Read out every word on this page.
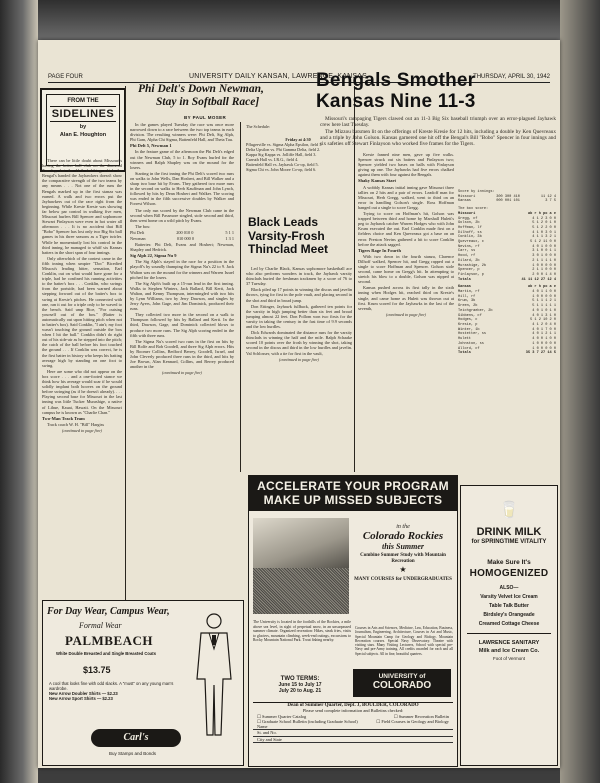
PAGE FOUR	UNIVERSITY DAILY KANSAN, LAWRENCE, KANSAS	THURSDAY, APRIL 30, 1942
FROM THE
SIDELINES
by
Alan E. Houghton

There can be little doubt about Missouri's having the better ball club on the diamond Tuesday, but the 11-3 drubbing which the Bengal's handed the Jayhawkers doesn't show the comparative strength of the two teams by any means . . . Not one of the runs the Bengals marked up in the first stanza was earned. A walk and two errors put the Jayhawkers out of the race right from the beginning. While Kreste Kresie was showing far below par control in walking five men, Missouri hurlers Bill Spencer and sophomore Stewart Finlayson were even in hot water all afternoon . . . It is no accident that Bill "Bobo" Spencer has lost only two Big Six ball games in his three seasons as a Tiger twirler. While he momentarily lost his control in the third inning, he managed to whiff six Kansas batters in the short span of four innings.

Only afterwhich of the contest came in the fifth inning when umpire "Doc" Bicedied Missou's leading hitter, sensation, Earl Conklin, out on what would have gone for a triple, had he confined his running activities to the batter's box . . . Conklin, who swings from the portside, had been warned about stepping forward out of the batter's box to swing at Kresie's pitches. He connected with one, ran it out for a triple only to be waved to the bench. Said ump Bice, "For outsing yourself out of the box." (Batter is automatically out upon hitting pitch when not in batter's box). Said Conklin, "I ain't; my foot wasn't touching the ground outside the box when I hit the ball." Conklin didn't do right out of his side-air as he stepped into the pitch; the catch of the ball before his foot touched the ground . . . If Conklin was correct, he is the first batter in history who keeps his batting average high by standing on one foot to swing.

Here are some who did not appear on the box score . . . and a one-footed stance we think how his average would soar if he would solidly implant both hooves on the ground before swinging (as if he doesn't already). . . . Playing second base for Missouri in the last inning was little Tucker Murashige, a native of Lihue, Kauai, Hawaii. On the Missouri campus he is known as "Charlie Chan."

Two-Man Track Team

Track coach W. H. "Bill" Hargiss

(continued to page five)

Phi Delt's Down Newman,
Stay in Softball Race]
BY PAUL MOSER

In the games played Tuesday the race was once more narrowed down to a race between the two top teams in each division. The resulting winners were: Phi Delt, Sig Alph, Phi Gam, Alpha Chi Sigma, Battenfeld Hall, and Theta Tau.

Phi Delt 5, Newman 1

In the feature game of the afternoon the Phi Delt's edged out the Newman Club, 5 to 1. Roy Evans hurled for the winners and Ralph Shapley was on the mound for the losers.

Starting in the first inning the Phi Delt's scored two runs on walks to John Wells, Dan Hosbert, and Bill Walker and a sharp two base hit by Evans. They gathered two more runs in the second on walks to Herb Kauffman and John Lynch, followed by hits by Dean Hosbert and Walker. The scoring was ended in the fifth successive doubles by Walker and Forrest Wilson.

The only run scored by the Newman Club came in the second when Bill Passmore singled, stole second and third, then went home on a wild pitch by Evans.

The box:

Phi Delt	200 010 0	5 1 1

Newman	010 000 0	1 3 1

Batteries: Phi Delt, Evans and Hosbert; Newman, Shapley and Hedrick.

Sig Alph 22, Sigma Nu 9

The Sig Alph's stayed in the race for a position in the playoff's by soundly thumping the Sigma Nu's 22 to 9. Jack Walton was on the mound for the winners and Warren Israel pitched for the losers.

The Sig Alph's built up a 15-run lead in the first inning. Walks to Stephen Winters, Jack Ballard, Bill Kerti, Jack Walton, and Kenny Thompson, intermingled with two hits by Lynn Williams, two by Jerry Dawson, and singles by Jerry Ayers, John Gage, and Jim Dominick, produced their runs.

They collected two more in the second on a walk to Thompson followed by hits by Ballard and Kerti. In the third, Dawson, Gage, and Dominick collected blows to produce two more runs. The Sig Alph scoring ended in the fifth with three runs.

The Sigma Nu's scored two runs in the first on hits by Bill Rolfe and Bob Goodell, and three Sig Alph errors. Hits by Boomer Collins, Bedford Berrey, Goodell, Israel, and John Cleverly produced three runs in the third, and hits by Joe Brown, Alan Kennard, Collins, and Berrey produced another in the

(continued to page five)

The Schedule:
Friday at 4:30
Pflugerville vs. Sigma Alpha Epsilon, field 1.
Delta Upsilon vs. Phi Gamma Delta, field 2.
Kappa Sig Kappa vs. Jolliffe Hall, field 3.
Carruth Hall vs. I.R.G., field 4.
Battenfeld Hall vs. Jayhawk Co-op, field 5.
Sigma Chi vs. John Moore Co-op, field 6.
Black Leads
Varsity-Frosh
Thinclad Meet

Led by Charlie Black, Kansas sophomore basketball ace who also performs wonders in track, the Jayhawk varsity thinclads buried the freshman trackmen by a score of 76 to 37 Tuesday.

Black piled up 17 points in winning the discus and javelin throws, tying for first in the pole vault, and placing second in the shot and third in broad jump.

Don Ettinger, Jayhawk fullback, gathered ten points for the varsity in high jumping better than six feet and broad jumping almost 22 feet. Don Pollom won two firsts for the varsity in taking the century in the fast time of 9.9 seconds and the low hurdles.

Dick Edwards dominated the distance runs for the varsity thinclads in winning the half and the mile. Ralph Schaake scored 10 points over the frosh by winning the shot, taking second in the discus and third in the low hurdles and javelin. Val Schlosser, with a tie for first in the vault,

(continued to page five)

Bengals Smother
Kansas Nine 11-3

Missouri's rampaging Tigers clawed out an 11-3 Big Six baseball triumph over an error-plagued Jayhawk crew here last Tuesday.

The Mizzou batsmen lit on the offerings of Kreste Kresie for 12 hits, including a double by Ken Quevreaux and a triple by John Golson. Kansas garnered one hit off the Bengal's Bill "Bobo" Spencer in four innings and six safeties off Stewart Finlayson who worked five frames for the Tigers.

Kresie fanned nine men, gave up five walks. Spencer struck out six batters and Finlayson two; Spencer yielded two bases on balls with Finlayson giving up one. The Jayhawks had five errors chalked against them with four against the Bengals.

Shaky Kansas Start

A wobbly Kansas initial inning gave Missouri three tallies on 2 hits and a pair of errors. Leadoff man for Missouri, Herb Gregg, walked, went to third on an error in handling Golson's single. Ross Hoffman banged out a single to score Gregg.

Trying to score on Hoffman's hit, Golson was trapped between third and home by Marshall Hulett's peg to Jayhawk catcher Warren Hodges who with John Krum executed the out. Earl Conklin made first on a fielders choice and Ken Quevreaux got a base on an error. Preston Nevins gathered a hit to score Conklin before the attack sagged.

Tigers Rage In Fourth

With two down in the fourth stanza, Clarence Dilhoff walked, Spencer hit, and Gregg rapped out a single to score Hoffman and Spencer. Golson stole second, came home on Gregg's hit. In attempting to stretch his blow to a double, Golson was nipped at second.

Kansas pushed across its first tally in the sixth inning when Hodges hit, reached third on Kresie's single, and came home as Hulett was thrown out at first. Krum scored for the Jayhawks in the last of the seventh,

(continued to page five)

Score by innings:
Missouri	300 300 410	11 12 4
Kansas	000 001 101	3 7 5
The box score:
Missouri	ab r h po a e
Gregg, cf	4 1 2 3 0 0
Golson, 2b	5 1 2 0 1 0
Hoffman, lf	5 1 2 2 0 0
Dilhoff, ss	4 1 0 3 0 1
Conklin, 3b	4 1 1 3 2 1
Quevreaux, c	5 1 2 11 0 0
Nevins, rf	4 0 1 0 0 0
Carr, ss	3 1 0 0 1 1
Hood, rf	3 0 1 0 0 0
Dilard, 2b	2 1 1 1 1 0
Murashige, 2b	1 0 0 0 0 0
Spencer, p	2 1 1 0 0 0
Finlayson, p	2 0 0 1 4 0
Totals	41 11 12 27 12 4
Kansas	ab r h po a e
Martin, rf	4 0 1 1 0 0
Hill, rf	1 0 0 0 0 0
Krum, 3b	5 1 1 1 2 1
Green, 2b	5 1 1 1 1 1
Teichgraeber, 2b	4 0 1 0 1 0
Gibbens, cf	4 0 1 3 1 0
Hodges, c	5 1 2 10 2 0
Kresie, p	4 1 2 0 4 0
Winter, 1b	4 0 1 7 0 0
Hostetter, ss	4 0 1 2 1 1
Hulett	4 0 0 1 0 0
Johnston, ss	1 0 0 0 0 0
Allord, cf	1 0 0 0 0 0
Totals	35 3 7 27 14 5
ACCELERATE YOUR PROGRAM
MAKE UP MISSED SUBJECTS
in the
Colorado Rockies
this Summer
Combine Summer Study with Mountain Recreation
★
MANY COURSES for UNDERGRADUATES
The University is located in the foothills of the Rockies, a mile above sea level, in sight of perpetual snow, in an unsurpassed summer climate. Organized recreation: Hikes, steak fries, visits to glaciers, mountain climbing, week-end outings, excursions to Rocky Mountain National Park. Trout fishing nearby.
Courses in Arts and Sciences, Medicine, Law, Education, Business, Journalism, Engineering, Architecture, Courses in Art and Music, Special Mountain Camp for Geology and Biology. Mountain Recreation courses. Special Navy Observatory. Theatre with visiting stars. Many Visiting Lecturers, School with special pre-Navy and pre-Army training. All credits awarded for each and all Special subjects. All in fine, beautiful quarters.
TWO TERMS:
June 15 to July 17
July 20 to Aug. 21
UNIVERSITY of
COLORADO
Dean of Summer Quarter, Dept. J, BOULDER, COLORADO
Please send complete information and Bulletins checked:
☐ Summer Quarter Catalog	☐ Summer Recreation Bulletin
☐ Graduate School Bulletin (including Graduate School)	☐ Field Courses in Geology and Biology
Name
St. and No.
City and State
For Day Wear, Campus Wear,
Formal Wear
PALMBEACH
White Double Breasted and Single Breasted Coats
$13.75
A cool that looks fine with odd slacks. A "must" on any young man's wardrobe.
New Arrow Doubler Shirts — $2.23
New Arrow Sport Shirts — $2.23
Carl's
Buy Stamps and Bonds
🥛
DRINK MILK
for SPRINGTIME VITALITY
Make Sure It's
HOMOGENIZED
ALSO—
Varsity Velvet Ice Cream
Table Talk Butter
Birdsley's Orangeade
Creamed Cottage Cheese
LAWRENCE SANITARY
Milk and Ice Cream Co.
Foot of Vermont
